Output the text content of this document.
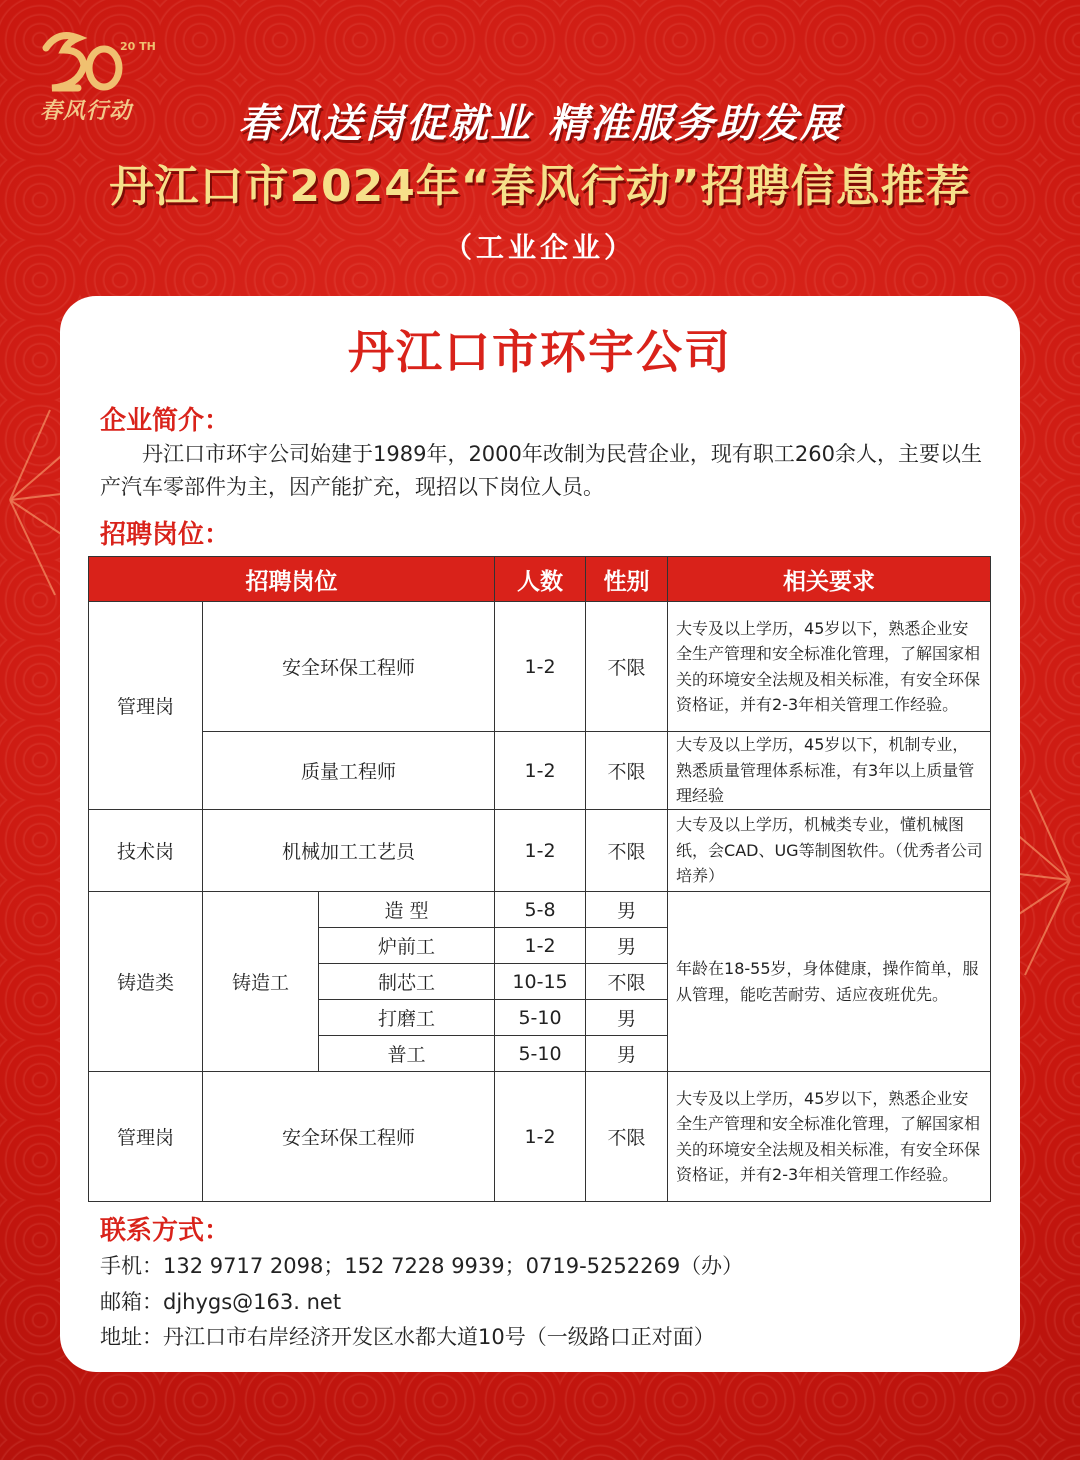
20 TH
春风行动	春风送岗促就业 精准服务助发展
丹江口市2024年“春风行动”招聘信息推荐
（工业企业）
丹江口市环宇公司
企业简介：
丹江口市环宇公司始建于1989年，2000年改制为民营企业，现有职工260余人，主要以生产汽车零部件为主，因产能扩充，现招以下岗位人员。
招聘岗位：
招聘岗位			人数	性别	相关要求
管理岗	安全环保工程师		1-2	不限	大专及以上学历，45岁以下，熟悉企业安全生产管理和安全标准化管理，了解国家相关的环境安全法规及相关标准，有安全环保资格证，并有2-3年相关管理工作经验。
	质量工程师		1-2	不限	大专及以上学历，45岁以下，机制专业，熟悉质量管理体系标准，有3年以上质量管理经验
技术岗	机械加工工艺员		1-2	不限	大专及以上学历，机械类专业，懂机械图纸，会CAD、UG等制图软件。（优秀者公司培养）
铸造类	铸造工	造 型	5-8	男	年龄在18-55岁，身体健康，操作简单，服从管理，能吃苦耐劳、适应夜班优先。
		炉前工	1-2	男	
		制芯工	10-15	不限	
		打磨工	5-10	男	
		普工	5-10	男	
管理岗	安全环保工程师		1-2	不限	大专及以上学历，45岁以下，熟悉企业安全生产管理和安全标准化管理，了解国家相关的环境安全法规及相关标准，有安全环保资格证，并有2-3年相关管理工作经验。
联系方式：
手机：132 9717 2098；152 7228 9939；0719-5252269（办）
邮箱：djhygs@163. net
地址：丹江口市右岸经济开发区水都大道10号（一级路口正对面）
